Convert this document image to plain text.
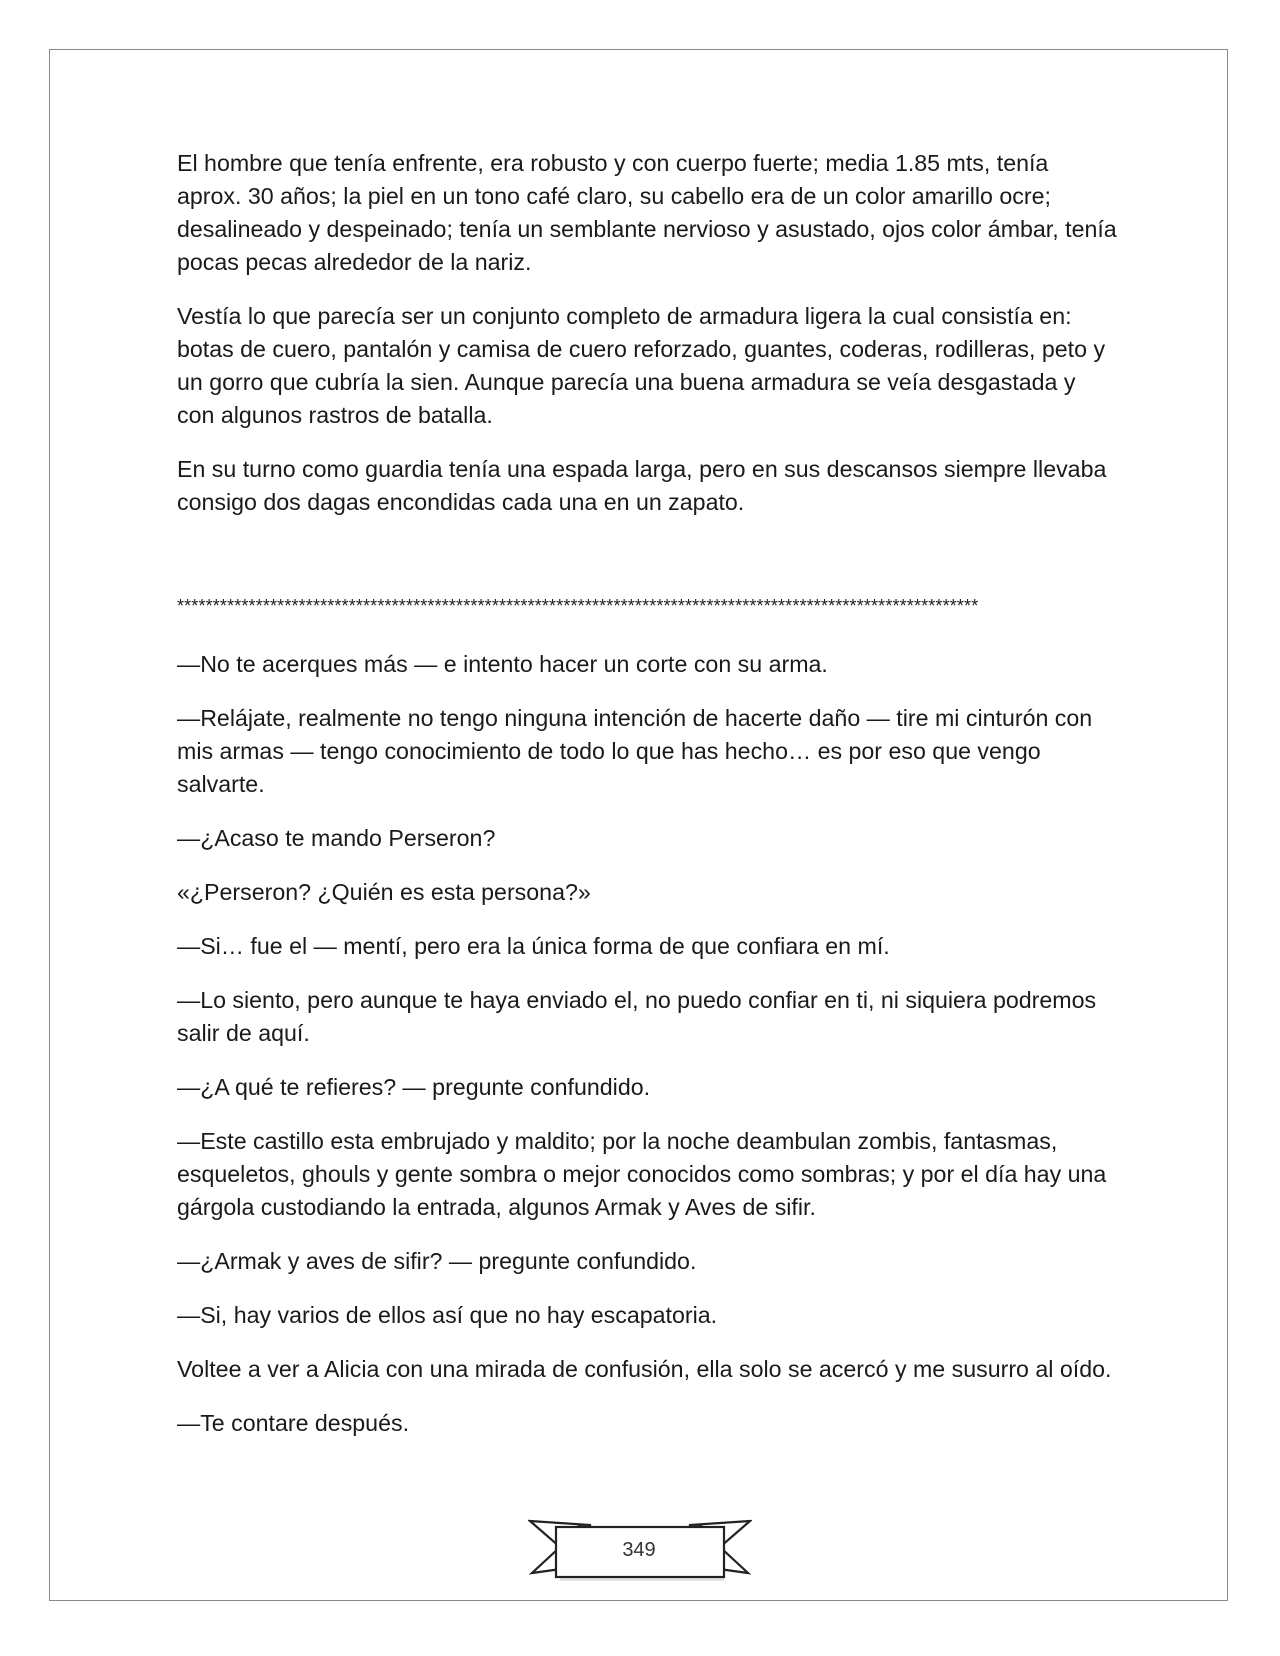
El hombre que tenía enfrente, era robusto y con cuerpo fuerte; media 1.85 mts, tenía aprox. 30 años; la piel en un tono café claro, su cabello era de un color amarillo ocre; desalineado y despeinado; tenía un semblante nervioso y asustado, ojos color ámbar, tenía pocas pecas alrededor de la nariz.

Vestía lo que parecía ser un conjunto completo de armadura ligera la cual consistía en: botas de cuero, pantalón y camisa de cuero reforzado, guantes, coderas, rodilleras, peto y un gorro que cubría la sien. Aunque parecía una buena armadura se veía desgastada y con algunos rastros de batalla.

En su turno como guardia tenía una espada larga, pero en sus descansos siempre llevaba consigo dos dagas encondidas cada una en un zapato.

****************************************************************************************************************

—No te acerques más — e intento hacer un corte con su arma.

—Relájate, realmente no tengo ninguna intención de hacerte daño — tire mi cinturón con mis armas — tengo conocimiento de todo lo que has hecho… es por eso que vengo salvarte.

—¿Acaso te mando Perseron?

«¿Perseron? ¿Quién es esta persona?»

—Si… fue el — mentí, pero era la única forma de que confiara en mí.

—Lo siento, pero aunque te haya enviado el, no puedo confiar en ti, ni siquiera podremos salir de aquí.

—¿A qué te refieres? — pregunte confundido.

—Este castillo esta embrujado y maldito; por la noche deambulan zombis, fantasmas, esqueletos, ghouls y gente sombra o mejor conocidos como sombras; y por el día hay una gárgola custodiando la entrada, algunos Armak y Aves de sifir.

—¿Armak y aves de sifir? — pregunte confundido.

—Si, hay varios de ellos así que no hay escapatoria.

Voltee a ver a Alicia con una mirada de confusión, ella solo se acercó y me susurro al oído.

—Te contare después.

349
